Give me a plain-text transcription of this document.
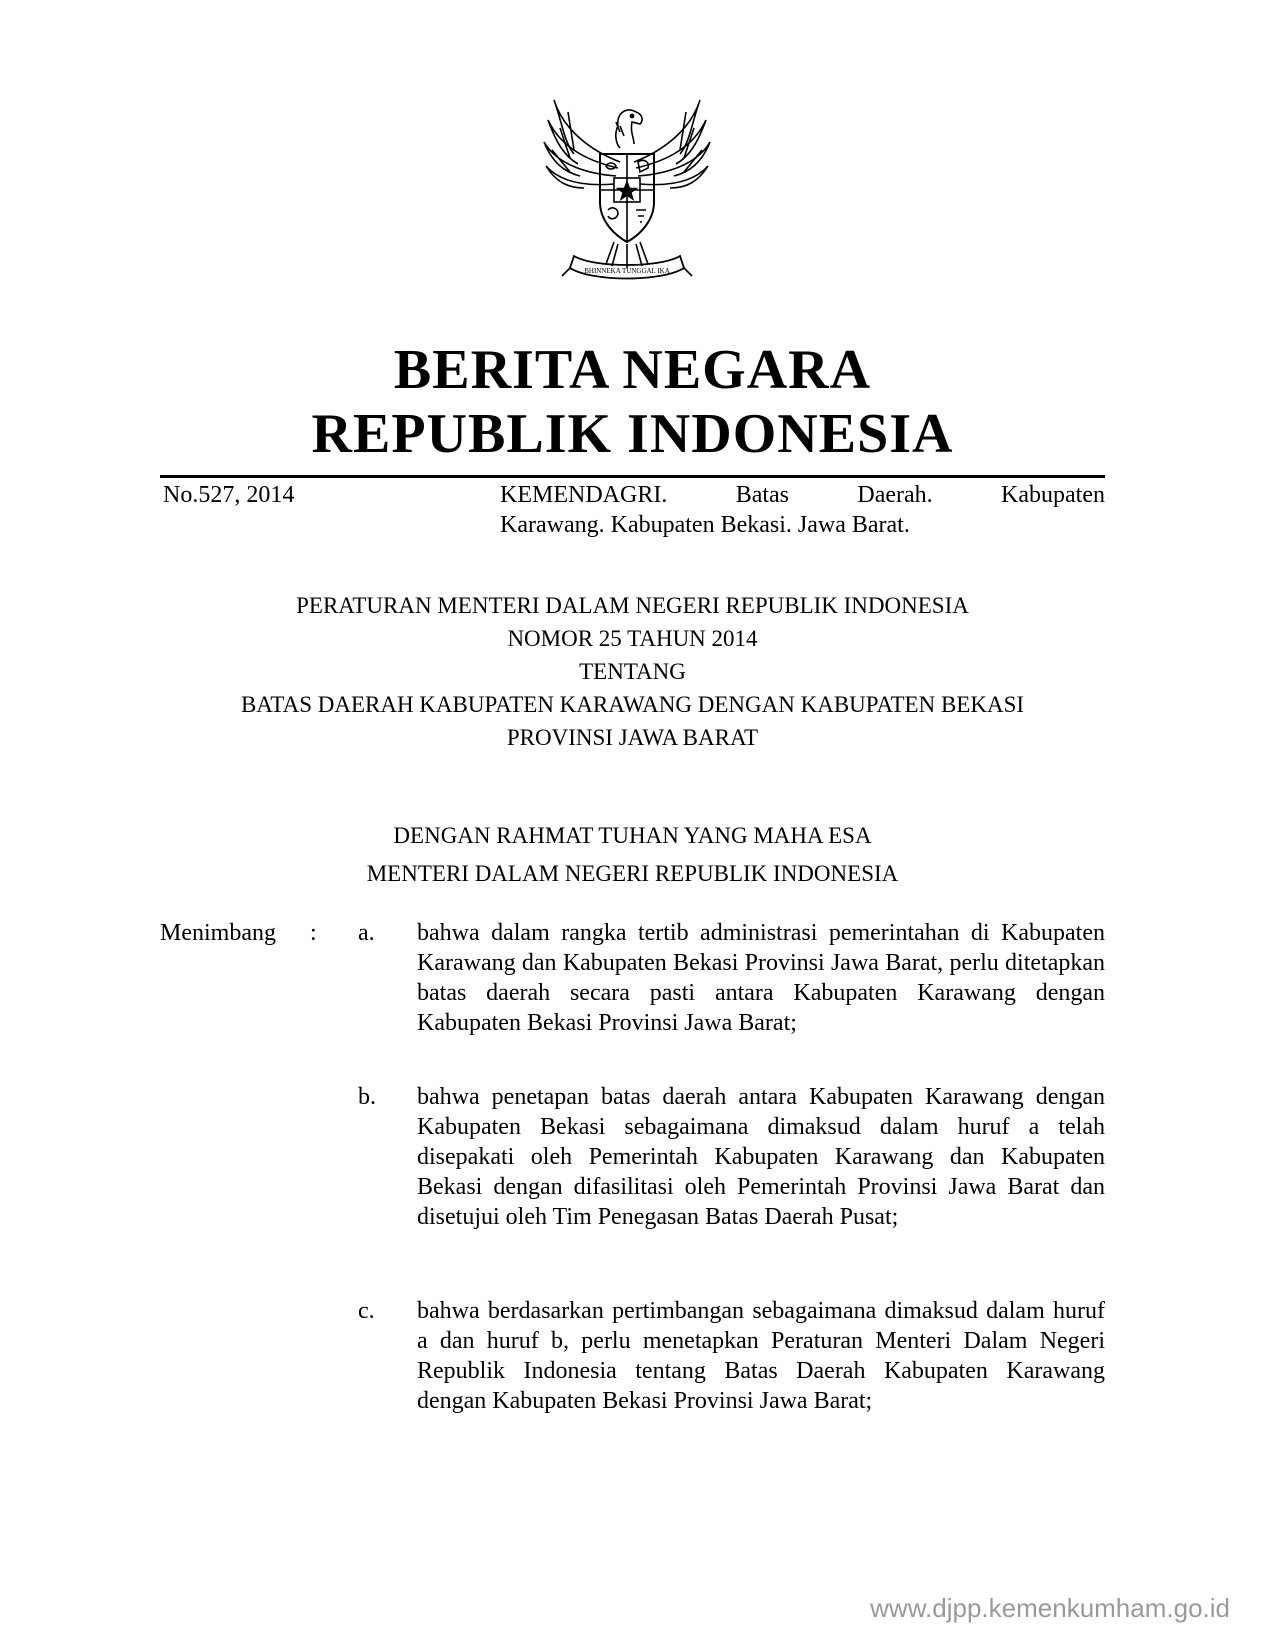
BHINNEKA TUNGGAL IKA
BERITA NEGARA
REPUBLIK INDONESIA
No.527, 2014	KEMENDAGRI. Batas Daerah. Kabupaten
Karawang. Kabupaten Bekasi. Jawa Barat.
PERATURAN MENTERI DALAM NEGERI REPUBLIK INDONESIA
NOMOR 25 TAHUN 2014
TENTANG
BATAS DAERAH KABUPATEN KARAWANG DENGAN KABUPATEN BEKASI
PROVINSI JAWA BARAT
DENGAN RAHMAT TUHAN YANG MAHA ESA
MENTERI DALAM NEGERI REPUBLIK INDONESIA
Menimbang : a. bahwa dalam rangka tertib administrasi pemerintahan di Kabupaten Karawang dan Kabupaten Bekasi Provinsi Jawa Barat, perlu ditetapkan batas daerah secara pasti antara Kabupaten Karawang dengan Kabupaten Bekasi Provinsi Jawa Barat;
b. bahwa penetapan batas daerah antara Kabupaten Karawang dengan Kabupaten Bekasi sebagaimana dimaksud dalam huruf a telah disepakati oleh Pemerintah Kabupaten Karawang dan Kabupaten Bekasi dengan difasilitasi oleh Pemerintah Provinsi Jawa Barat dan disetujui oleh Tim Penegasan Batas Daerah Pusat;
c. bahwa berdasarkan pertimbangan sebagaimana dimaksud dalam huruf a dan huruf b, perlu menetapkan Peraturan Menteri Dalam Negeri Republik Indonesia tentang Batas Daerah Kabupaten Karawang dengan Kabupaten Bekasi Provinsi Jawa Barat;
www.djpp.kemenkumham.go.id
